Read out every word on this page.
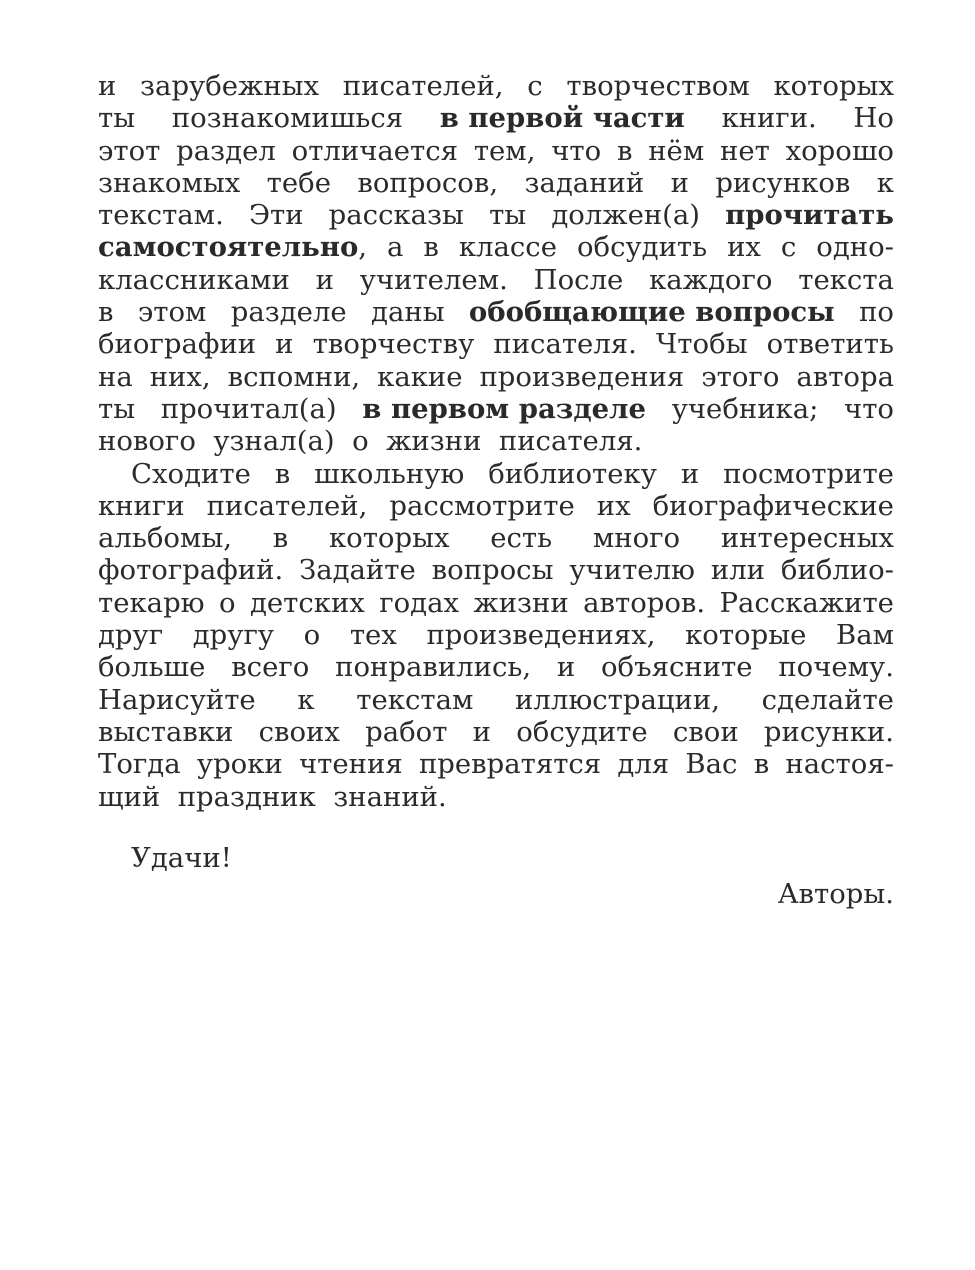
и зарубежных писателей, с творчеством которых
ты познакомишься в первой части книги. Но
этот раздел отличается тем, что в нём нет хорошо
знакомых тебе вопросов, заданий и рисунков к
текстам. Эти рассказы ты должен(а) прочитать
самостоятельно, а в классе обсудить их с одно-
классниками и учителем. После каждого текста
в этом разделе даны обобщающие вопросы по
биографии и творчеству писателя. Чтобы ответить
на них, вспомни, какие произведения этого автора
ты прочитал(а) в первом разделе учебника; что
нового  узнал(а)  о  жизни  писателя.
Сходите в школьную библиотеку и посмотрите
книги писателей, рассмотрите их биографические
альбомы, в которых есть много интересных
фотографий. Задайте вопросы учителю или библио-
текарю о детских годах жизни авторов. Расскажите
друг другу о тех произведениях, которые Вам
больше всего понравились, и объясните почему.
Нарисуйте к текстам иллюстрации, сделайте
выставки своих работ и обсудите свои рисунки.
Тогда уроки чтения превратятся для Вас в настоя-
щий  праздник  знаний.
Удачи!
Авторы.
